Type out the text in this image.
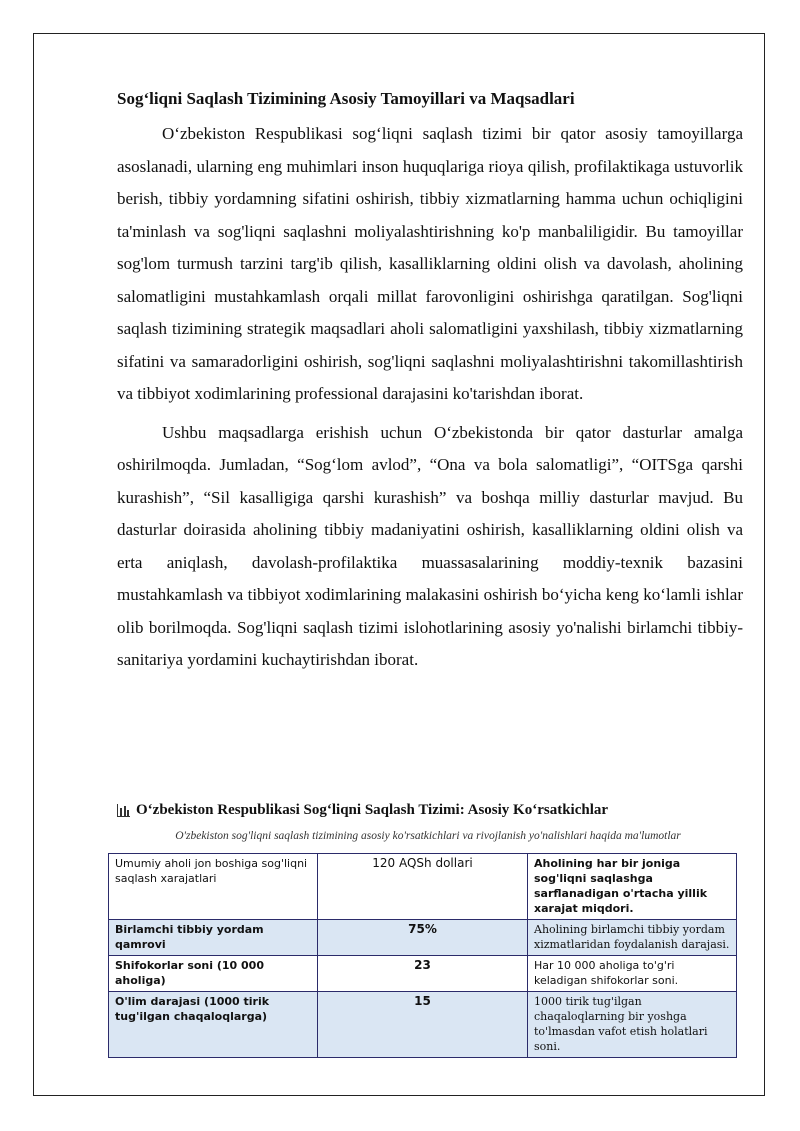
Sog‘liqni Saqlash Tizimining Asosiy Tamoyillari va Maqsadlari

O‘zbekiston Respublikasi sog‘liqni saqlash tizimi bir qator asosiy tamoyillarga asoslanadi, ularning eng muhimlari inson huquqlariga rioya qilish, profilaktikaga ustuvorlik berish, tibbiy yordamning sifatini oshirish, tibbiy xizmatlarning hamma uchun ochiqligini ta'minlash va sog'liqni saqlashni moliyalashtirishning ko'p manbaliligidir. Bu tamoyillar sog'lom turmush tarzini targ'ib qilish, kasalliklarning oldini olish va davolash, aholining salomatligini mustahkamlash orqali millat farovonligini oshirishga qaratilgan. Sog'liqni saqlash tizimining strategik maqsadlari aholi salomatligini yaxshilash, tibbiy xizmatlarning sifatini va samaradorligini oshirish, sog'liqni saqlashni moliyalashtirishni takomillashtirish va tibbiyot xodimlarining professional darajasini ko'tarishdan iborat.

Ushbu maqsadlarga erishish uchun O‘zbekistonda bir qator dasturlar amalga oshirilmoqda. Jumladan, “Sog‘lom avlod”, “Ona va bola salomatligi”, “OITSga qarshi kurashish”, “Sil kasalligiga qarshi kurashish” va boshqa milliy dasturlar mavjud. Bu dasturlar doirasida aholining tibbiy madaniyatini oshirish, kasalliklarning oldini olish va erta aniqlash, davolash-profilaktika muassasalarining moddiy-texnik bazasini mustahkamlash va tibbiyot xodimlarining malakasini oshirish bo‘yicha keng ko‘lamli ishlar olib borilmoqda. Sog'liqni saqlash tizimi islohotlarining asosiy yo'nalishi birlamchi tibbiy-sanitariya yordamini kuchaytirishdan iborat.

O‘zbekiston Respublikasi Sog‘liqni Saqlash Tizimi: Asosiy Ko‘rsatkichlar
O'zbekiston sog'liqni saqlash tizimining asosiy ko'rsatkichlari va rivojlanish yo'nalishlari haqida ma'lumotlar
Umumiy aholi jon boshiga sog'liqni saqlash xarajatlari	120 AQSh dollari	Aholining har bir joniga sog'liqni saqlashga sarflanadigan o'rtacha yillik xarajat miqdori.
Birlamchi tibbiy yordam qamrovi	75%	Aholining birlamchi tibbiy yordam xizmatlaridan foydalanish darajasi.
Shifokorlar soni (10 000 aholiga)	23	Har 10 000 aholiga to'g'ri keladigan shifokorlar soni.
O'lim darajasi (1000 tirik tug'ilgan chaqaloqlarga)	15	1000 tirik tug'ilgan chaqaloqlarning bir yoshga to'lmasdan vafot etish holatlari soni.
